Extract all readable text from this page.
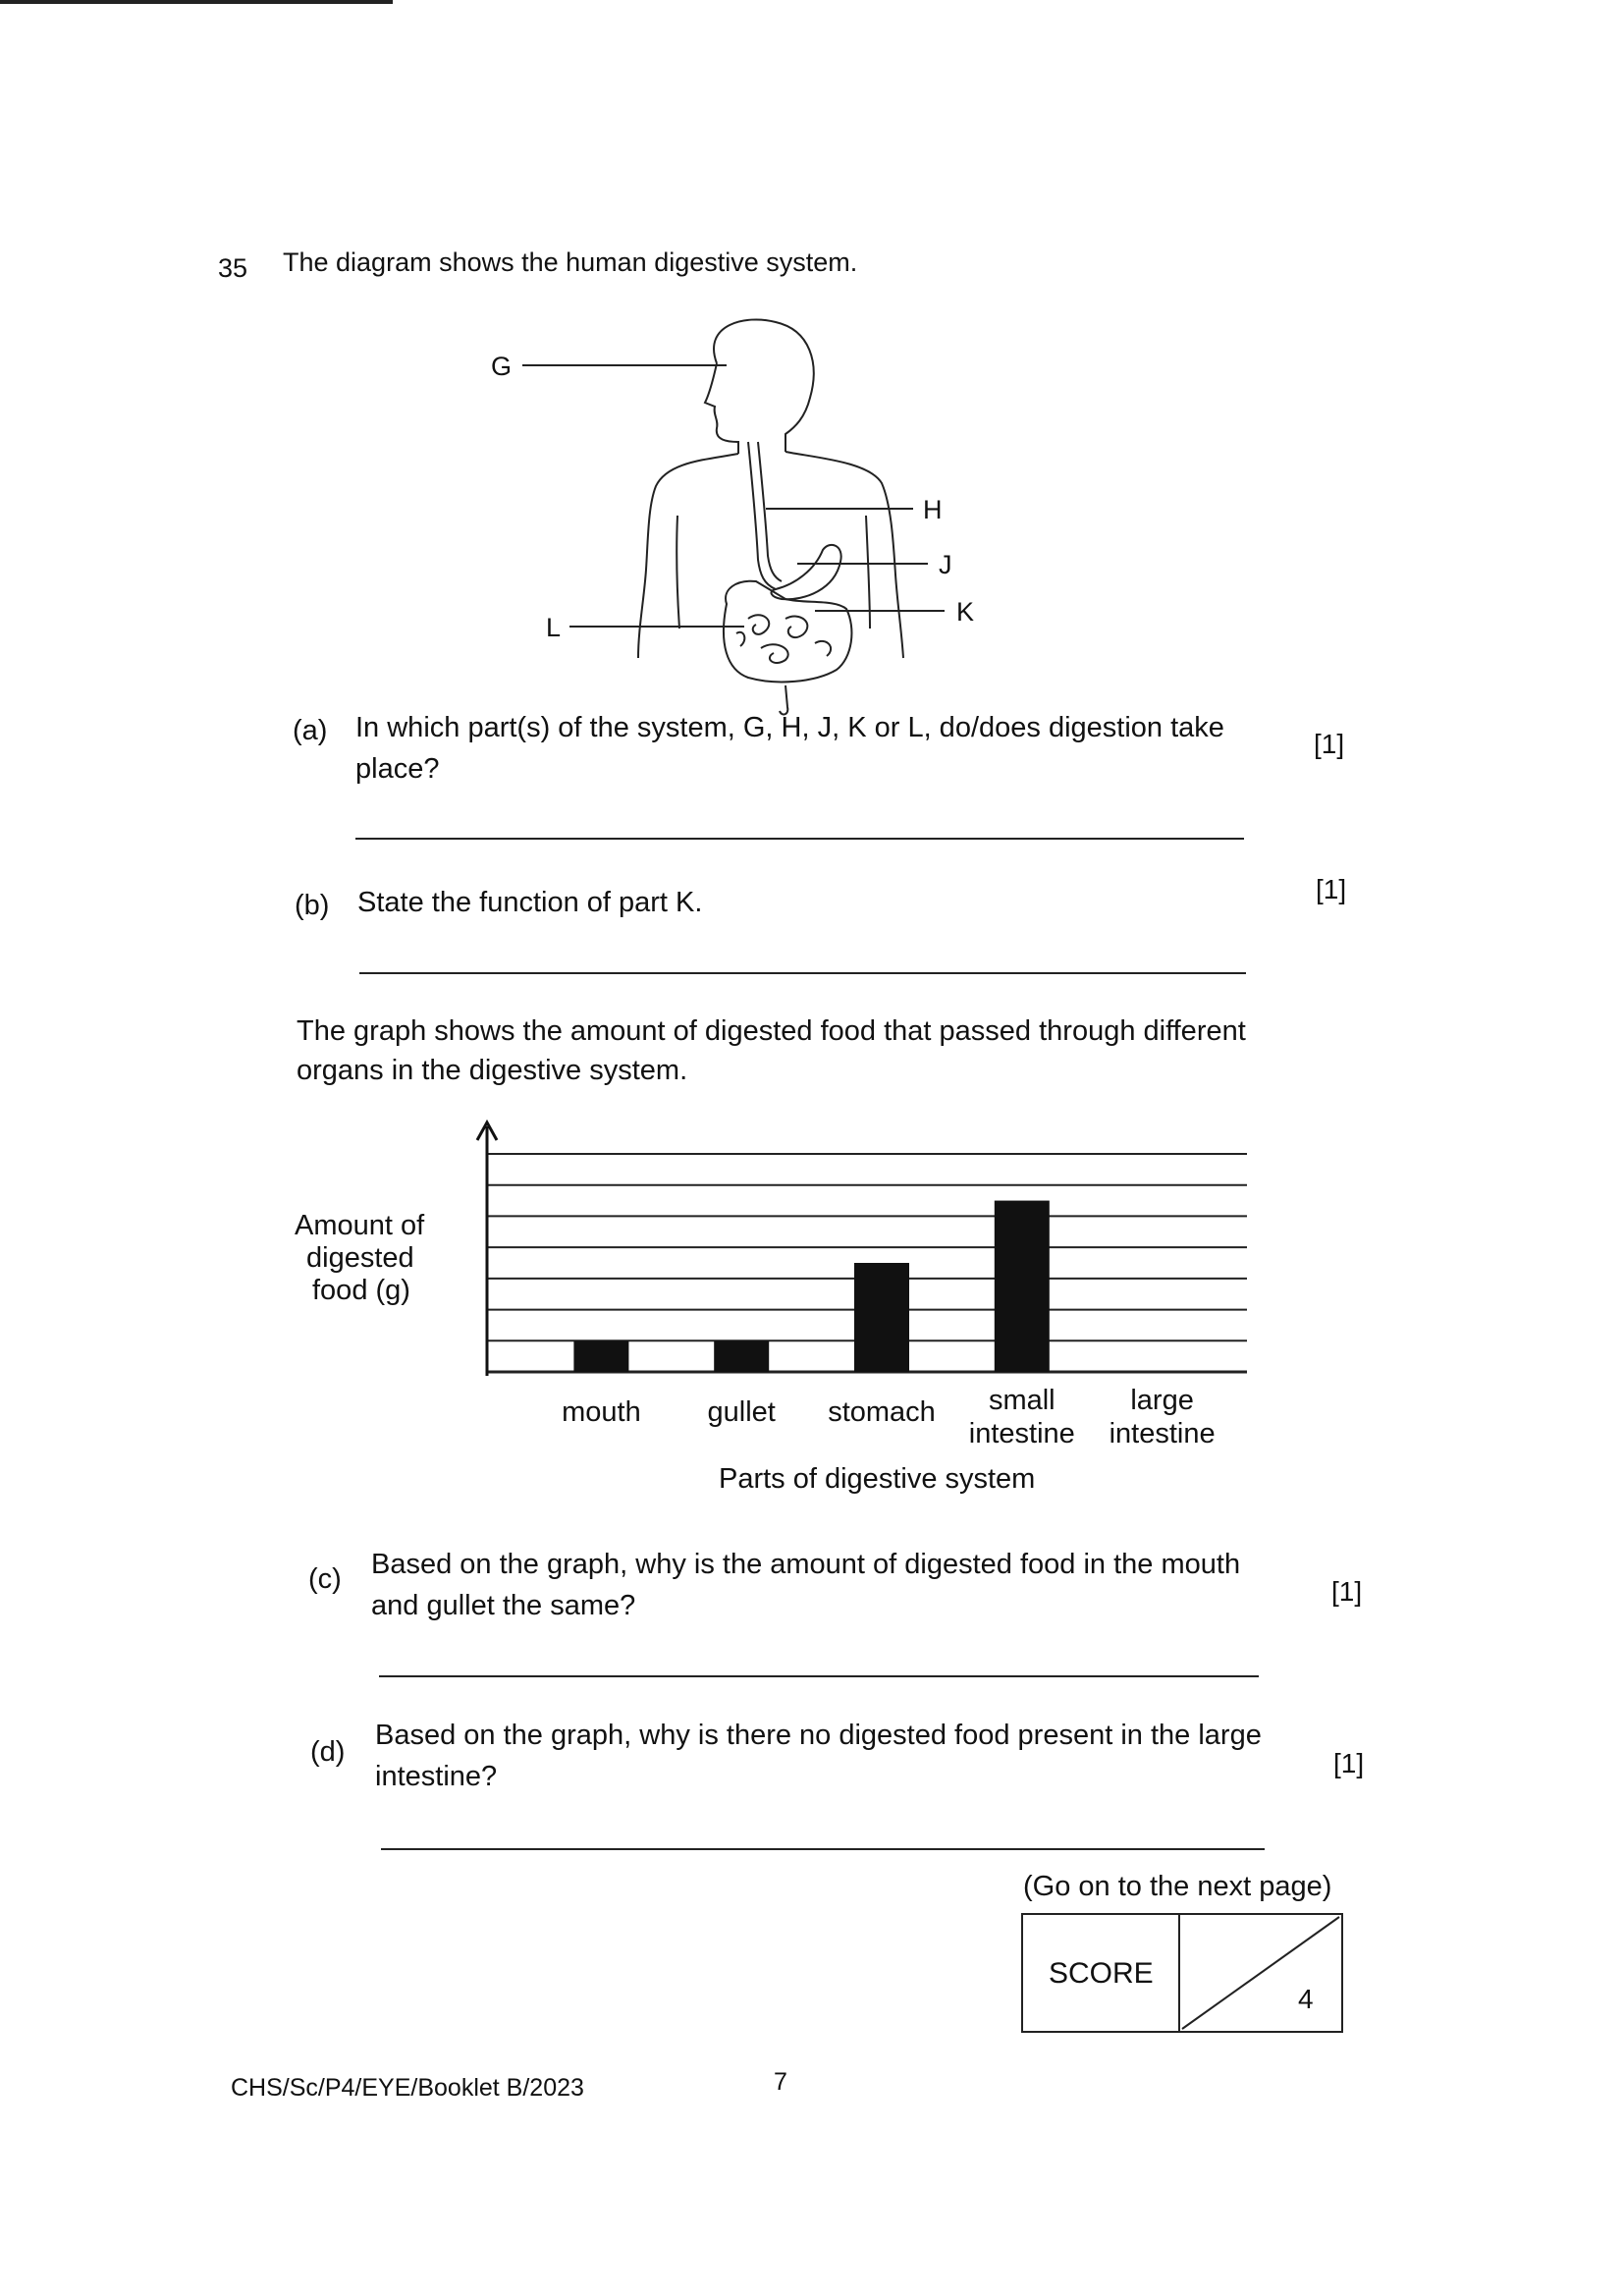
35 The diagram shows the human digestive system.
G
H
J
K
L
(a) In which part(s) of the system, G, H, J, K or L, do/does digestion take place?
[1]
(b) State the function of part K.	[1]
The graph shows the amount of digested food that passed through different organs in the digestive system.
mouth gullet stomach small
intestine
large
intestine
Amount of
digested
food (g)
Parts of digestive system
(c) Based on the graph, why is the amount of digested food in the mouth and gullet the same?	[1]
(d)
Based on the graph, why is there no digested food present in the large intestine?	[1]
(Go on to the next page)
SCORE
4
CHS/Sc/P4/EYE/Booklet B/2023	7
